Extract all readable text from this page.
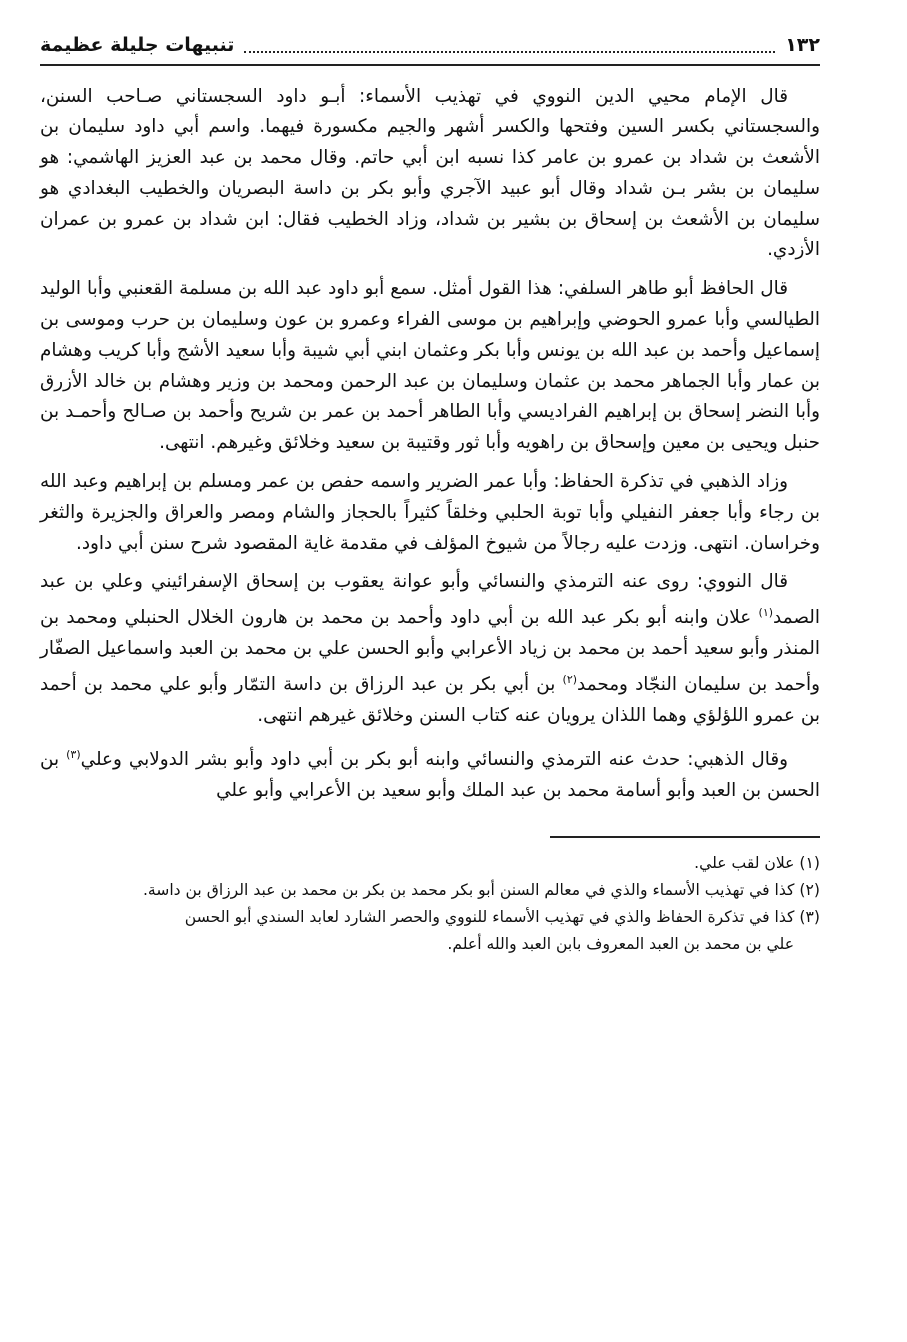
١٣٢
تنبيهات جليلة عظيمة

قال الإمام محيي الدين النووي في تهذيب الأسماء: أبـو داود السجستاني صـاحب السنن، والسجستاني بكسر السين وفتحها والكسر أشهر والجيم مكسورة فيهما. واسم أبي داود سليمان بن الأشعث بن شداد بن عمرو بن عامر كذا نسبه ابن أبي حاتم. وقال محمد بن عبد العزيز الهاشمي: هو سليمان بن بشر بـن شداد وقال أبو عبيد الآجري وأبو بكر بن داسة البصريان والخطيب البغدادي هو سليمان بن الأشعث بن إسحاق بن بشير بن شداد، وزاد الخطيب فقال: ابن شداد بن عمرو بن عمران الأزدي.

قال الحافظ أبو طاهر السلفي: هذا القول أمثل. سمع أبو داود عبد الله بن مسلمة القعنبي وأبا الوليد الطيالسي وأبا عمرو الحوضي وإبراهيم بن موسى الفراء وعمرو بن عون وسليمان بن حرب وموسى بن إسماعيل وأحمد بن عبد الله بن يونس وأبا بكر وعثمان ابني أبي شيبة وأبا سعيد الأشج وأبا كريب وهشام بن عمار وأبا الجماهر محمد بن عثمان وسليمان بن عبد الرحمن ومحمد بن وزير وهشام بن خالد الأزرق وأبا النضر إسحاق بن إبراهيم الفراديسي وأبا الطاهر أحمد بن عمر بن شريح وأحمد بن صـالح وأحمـد بن حنبل ويحيى بن معين وإسحاق بن راهويه وأبا ثور وقتيبة بن سعيد وخلائق وغيرهم. انتهى.

وزاد الذهبي في تذكرة الحفاظ: وأبا عمر الضرير واسمه حفص بن عمر ومسلم بن إبراهيم وعبد الله بن رجاء وأبا جعفر النفيلي وأبا توبة الحلبي وخلقاً كثيراً بالحجاز والشام ومصر والعراق والجزيرة والثغر وخراسان. انتهى. وزدت عليه رجالاً من شيوخ المؤلف في مقدمة غاية المقصود شرح سنن أبي داود.

قال النووي: روى عنه الترمذي والنسائي وأبو عوانة يعقوب بن إسحاق الإسفرائيني وعلي بن عبد الصمد$^{(١)}$ علان وابنه أبو بكر عبد الله بن أبي داود وأحمد بن محمد بن هارون الخلال الحنبلي ومحمد بن المنذر وأبو سعيد أحمد بن محمد بن زياد الأعرابي وأبو الحسن علي بن محمد بن العبد واسماعيل الصفّار وأحمد بن سليمان النجّاد ومحمد$^{(٢)}$ بن أبي بكر بن عبد الرزاق بن داسة التمّار وأبو علي محمد بن أحمد بن عمرو اللؤلؤي وهما اللذان يرويان عنه كتاب السنن وخلائق غيرهم انتهى.

وقال الذهبي: حدث عنه الترمذي والنسائي وابنه أبو بكر بن أبي داود وأبو بشر الدولابي وعلي$^{(٣)}$ بن الحسن بن العبد وأبو أسامة محمد بن عبد الملك وأبو سعيد بن الأعرابي وأبو علي

(١) علان لقب علي.

(٢) كذا في تهذيب الأسماء والذي في معالم السنن أبو بكر محمد بن بكر بن محمد بن عبد الرزاق بن داسة.

(٣) كذا في تذكرة الحفاظ والذي في تهذيب الأسماء للنووي والحصر الشارد لعابد السندي أبو الحسن

علي بن محمد بن العبد المعروف بابن العبد والله أعلم.
